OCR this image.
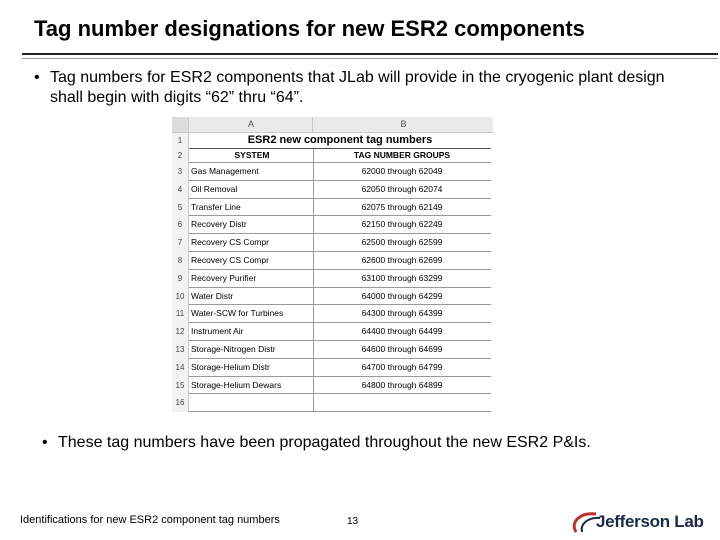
Tag number designations for new ESR2 components
• Tag numbers for ESR2 components that JLab will provide in the cryogenic plant design shall begin with digits “62” thru “64”.
A	B
1
2
3
4
5
6
7
8
9
10
11
12
13
14
15
16
ESR2 new component tag numbers
SYSTEM	TAG NUMBER GROUPS
Gas Management	62000 through 62049
Oil Removal	62050 through 62074
Transfer Line	62075 through 62149
Recovery Distr	62150 through 62249
Recovery CS Compr	62500 through 62599
Recovery CS Compr	62600 through 62699
Recovery Purifier	63100 through 63299
Water Distr	64000 through 64299
Water-SCW for Turbines	64300 through 64399
Instrument Air	64400 through 64499
Storage-Nitrogen Distr	64600 through 64699
Storage-Helium Distr	64700 through 64799
Storage-Helium Dewars	64800 through 64899
• These tag numbers have been propagated throughout the new ESR2 P&Is.
Identifications for new ESR2 component tag numbers	13	Jefferson Lab
